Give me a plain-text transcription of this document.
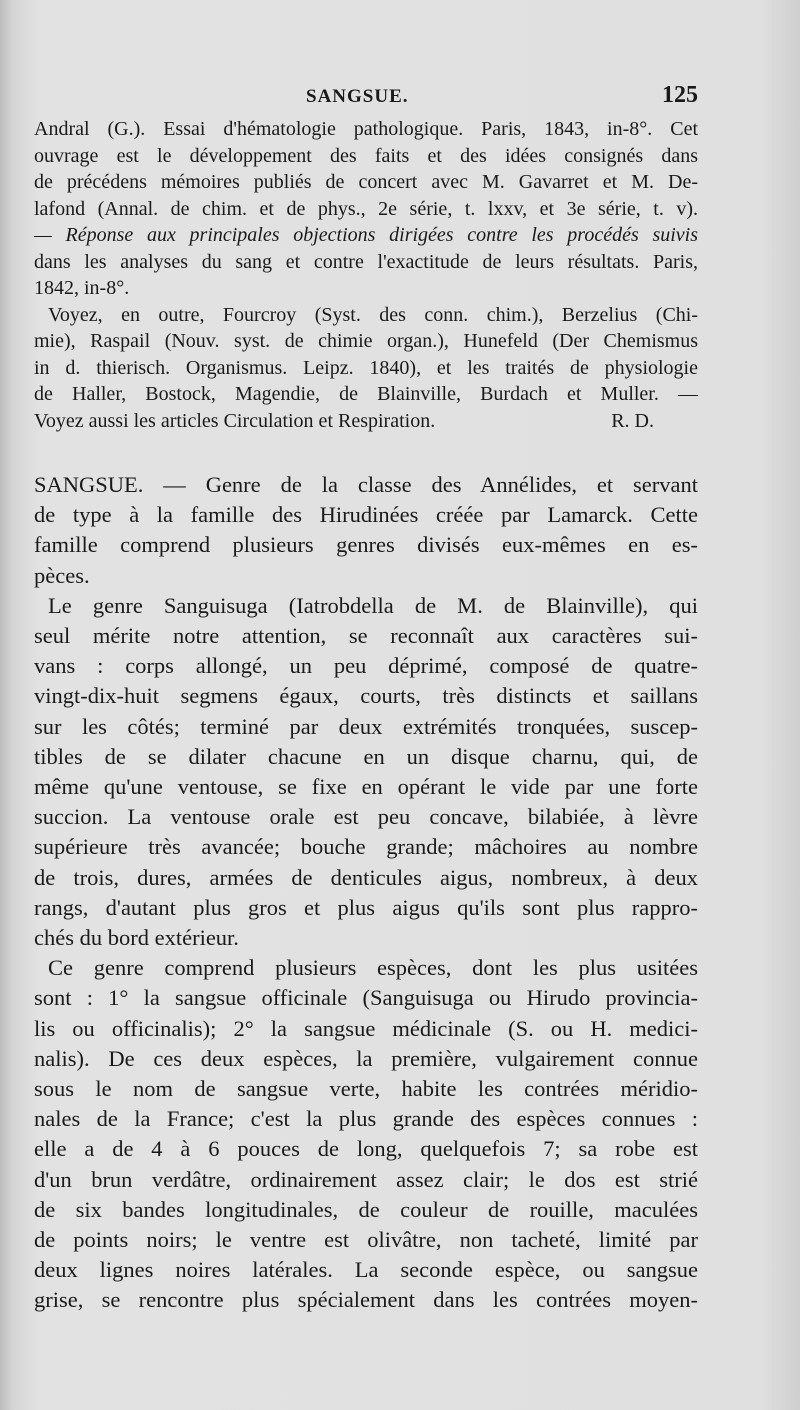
SANGSUE.	125
Andral (G.). Essai d'hématologie pathologique. Paris, 1843, in-8°. Cet
ouvrage est le développement des faits et des idées consignés dans
de précédens mémoires publiés de concert avec M. Gavarret et M. De-
lafond (Annal. de chim. et de phys., 2e série, t. lxxv, et 3e série, t. v).
— Réponse aux principales objections dirigées contre les procédés suivis
dans les analyses du sang et contre l'exactitude de leurs résultats. Paris,
1842, in-8°.
Voyez, en outre, Fourcroy (Syst. des conn. chim.), Berzelius (Chi-
mie), Raspail (Nouv. syst. de chimie organ.), Hunefeld (Der Chemismus
in d. thierisch. Organismus. Leipz. 1840), et les traités de physiologie
de Haller, Bostock, Magendie, de Blainville, Burdach et Muller. —
Voyez aussi les articles Circulation et Respiration.	R. D.
SANGSUE. — Genre de la classe des Annélides, et servant
de type à la famille des Hirudinées créée par Lamarck. Cette
famille comprend plusieurs genres divisés eux-mêmes en es-
pèces.
Le genre Sanguisuga (Iatrobdella de M. de Blainville), qui
seul mérite notre attention, se reconnaît aux caractères sui-
vans : corps allongé, un peu déprimé, composé de quatre-
vingt-dix-huit segmens égaux, courts, très distincts et saillans
sur les côtés; terminé par deux extrémités tronquées, suscep-
tibles de se dilater chacune en un disque charnu, qui, de
même qu'une ventouse, se fixe en opérant le vide par une forte
succion. La ventouse orale est peu concave, bilabiée, à lèvre
supérieure très avancée; bouche grande; mâchoires au nombre
de trois, dures, armées de denticules aigus, nombreux, à deux
rangs, d'autant plus gros et plus aigus qu'ils sont plus rappro-
chés du bord extérieur.
Ce genre comprend plusieurs espèces, dont les plus usitées
sont : 1° la sangsue officinale (Sanguisuga ou Hirudo provincia-
lis ou officinalis); 2° la sangsue médicinale (S. ou H. medici-
nalis). De ces deux espèces, la première, vulgairement connue
sous le nom de sangsue verte, habite les contrées méridio-
nales de la France; c'est la plus grande des espèces connues :
elle a de 4 à 6 pouces de long, quelquefois 7; sa robe est
d'un brun verdâtre, ordinairement assez clair; le dos est strié
de six bandes longitudinales, de couleur de rouille, maculées
de points noirs; le ventre est olivâtre, non tacheté, limité par
deux lignes noires latérales. La seconde espèce, ou sangsue
grise, se rencontre plus spécialement dans les contrées moyen-
